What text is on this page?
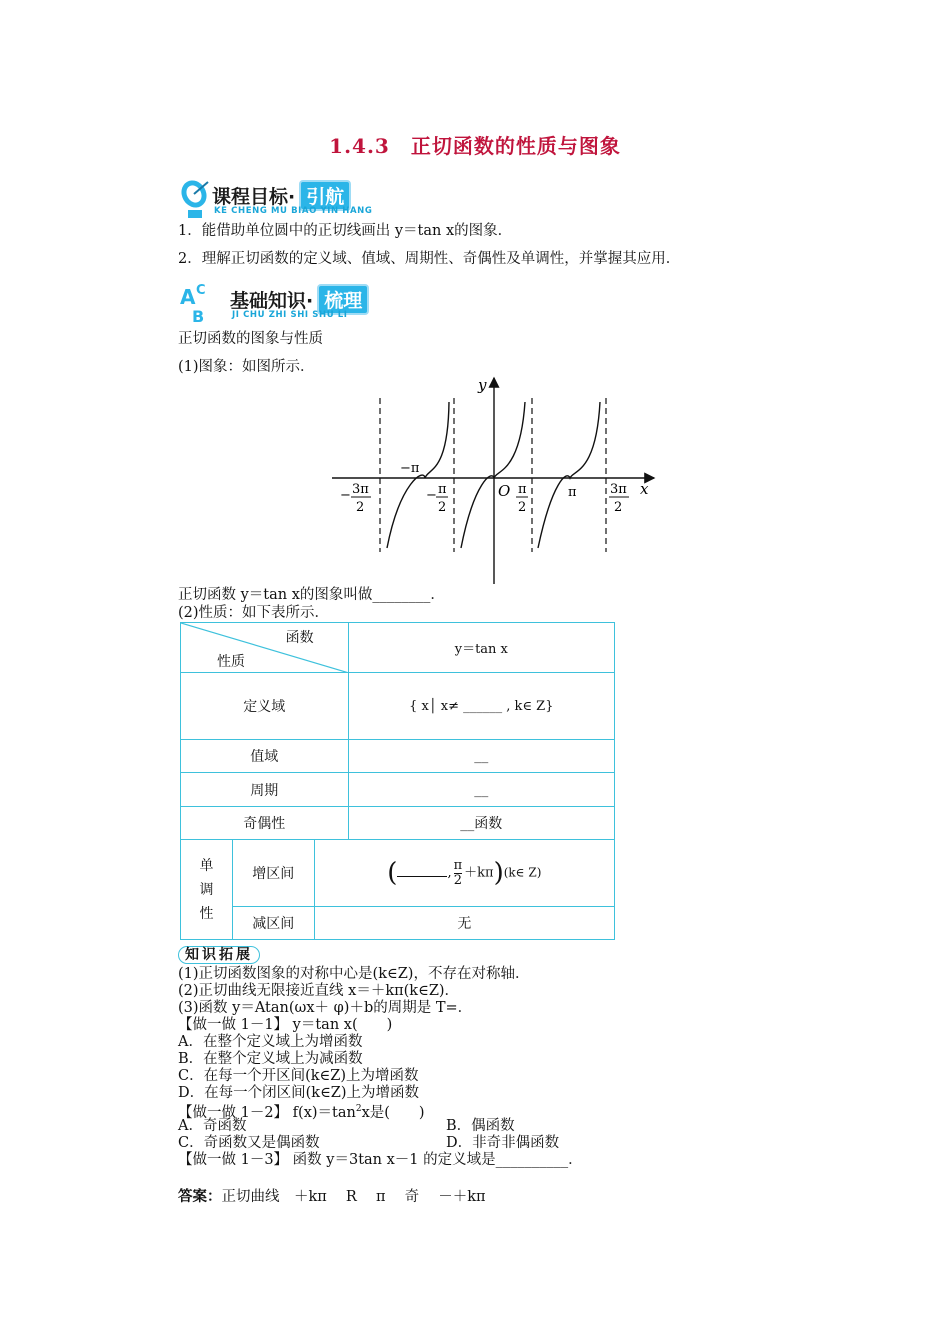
1.4.3　正切函数的性质与图象
课程目标· 引航
KE CHENG MU BIAO YIN HANG
1．能借助单位圆中的正切线画出 y＝tan x的图象．
2．理解正切函数的定义域、值域、周期性、奇偶性及单调性，并掌握其应用．
A C
B
基础知识· 梳理
JI CHU ZHI SHI SHU LI
正切函数的图象与性质
(1)图象：如图所示．
y
x
O
−π
π
− 3π
2
− π
2
π
2
3π
2
正切函数 y＝tan x的图象叫做________．
(2)性质：如下表所示．
函数
性质			y＝tan x
定义域			{ x│ x≠ ______ , k∈ Z}
值域			__
周期			__
奇偶性			__函数
单
调
性	增区间	( , $\frac{\pi}{2}$ ＋kπ)(k∈ Z)	
	减区间	无	
知识拓展
(1)正切函数图象的对称中心是(k∈Z)，不存在对称轴．
(2)正切曲线无限接近直线 x＝＋kπ(k∈Z)．
(3)函数 y＝Atan(ωx＋ φ)＋b的周期是 T=．
【做一做 1－1】 y＝tan x(　　)
A．在整个定义域上为增函数
B．在整个定义域上为减函数
C．在每一个开区间(k∈Z)上为增函数
D．在每一个闭区间(k∈Z)上为增函数
【做一做 1－2】 $f(x)=\tan^2x$是(　　)
A．奇函数	B．偶函数
C．奇函数又是偶函数	D．非奇非偶函数
【做一做 1－3】 函数 y＝3tan x－1 的定义域是__________．
答案：正切曲线　＋kπ　 R 　π　 奇　 －＋kπ
